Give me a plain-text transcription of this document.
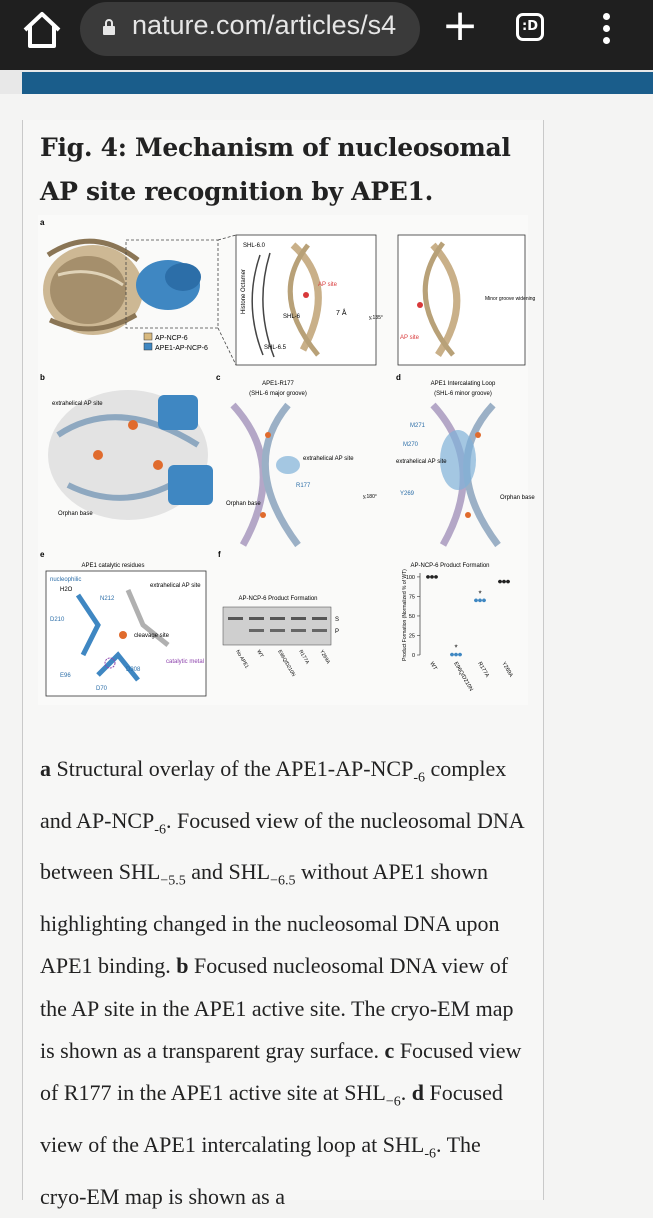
nature.com/articles/s4	+	:D
Fig. 4: Mechanism of nucleosomal AP site recognition by APE1.
a
AP-NCP-6
APE1-AP-NCP-6
SHL-6.0
Histone Octamer	AP site
SHL-6	7 Å
SHL-6.5
y,135°
Minor groove widening
AP site
b
extrahelical AP site
Orphan base
c
APE1-R177
(SHL-6 major groove)
extrahelical AP site
R177
Orphan base
y,180°
d
APE1 Intercalating Loop
(SHL-6 minor groove)
M271
M270
extrahelical AP site
Y269
Orphan base
e
APE1 catalytic residues
nucleophilic
H2O
N212
D210
extrahelical AP site
cleavage site
E96
D308
catalytic metal
D70
f
AP-NCP-6 Product Formation
S
P
No APE1 WT E96Q/D210N R177A Y269A
AP-NCP-6 Product Formation
0
25
50
75
100
Product Formation (Normalized % of WT)
WT
*
E96Q/D210N
*
R177A Y269A
a Structural overlay of the $APE1-AP-NCP_{-6}$ complex and $AP-NCP_{-6}$. Focused view of the nucleosomal DNA between $SHL_{-5.5}$ and $SHL_{-6.5}$ without APE1 shown highlighting changed in the nucleosomal DNA upon APE1 binding. b Focused nucleosomal DNA view of the AP site in the APE1 active site. The cryo-EM map is shown as a transparent gray surface. c Focused view of R177 in the APE1 active site at $SHL_{-6}$. d Focused view of the APE1 intercalating loop at $SHL_{-6}$. The cryo-EM map is shown as a
